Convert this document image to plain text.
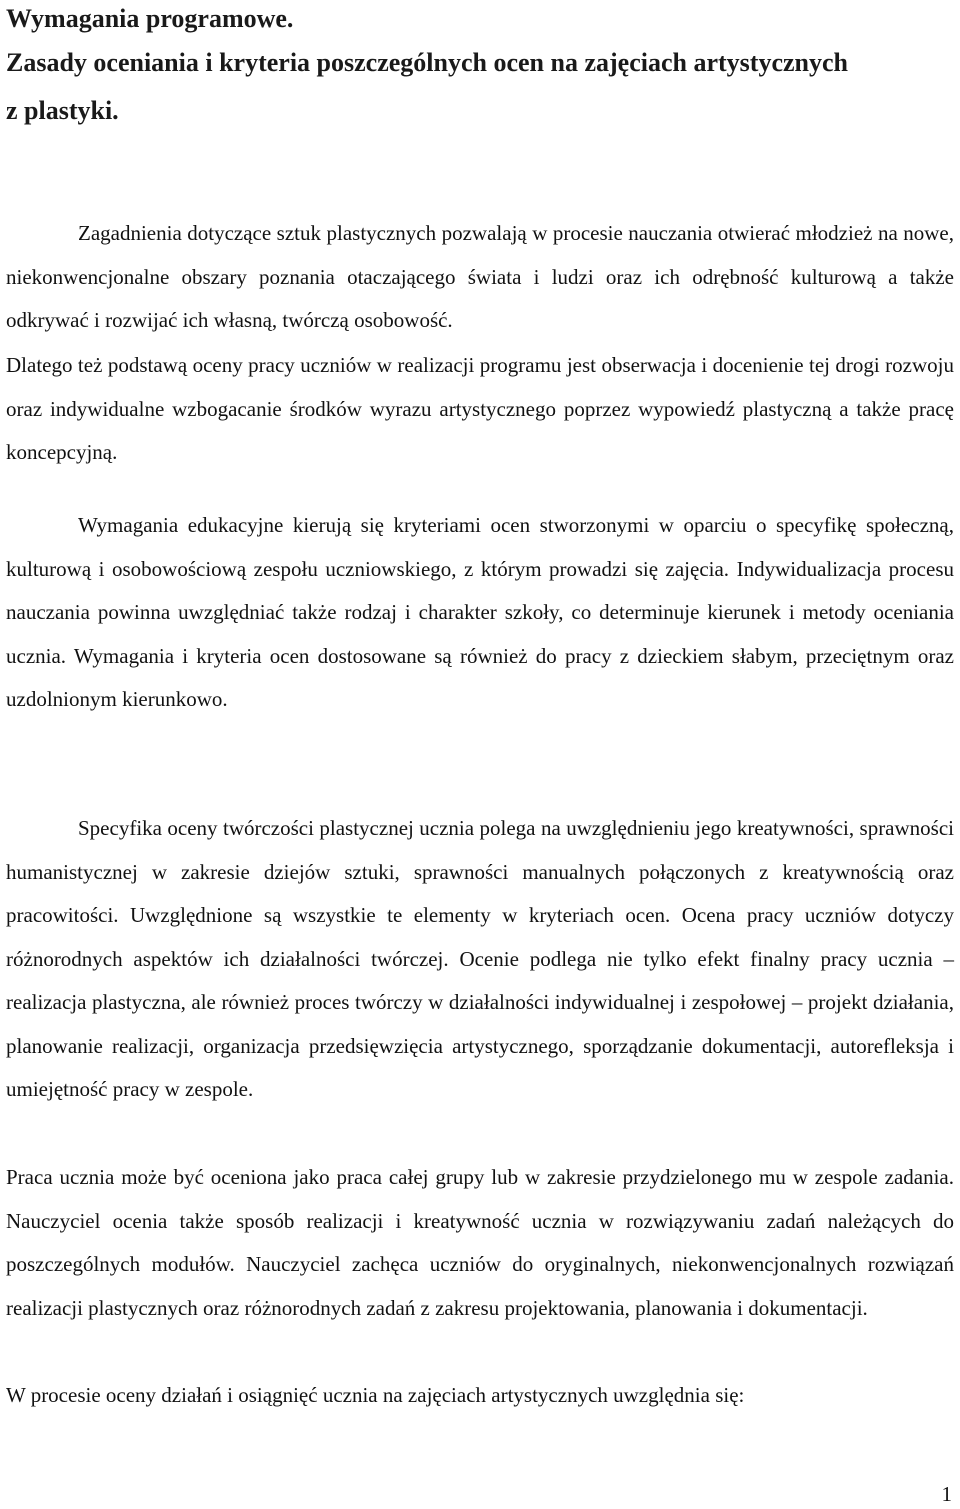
Wymagania programowe.
Zasady oceniania i kryteria poszczególnych ocen na zajęciach artystycznych
z plastyki.

Zagadnienia dotyczące sztuk plastycznych pozwalają w procesie nauczania otwierać młodzież na nowe, niekonwencjonalne obszary poznania otaczającego świata i ludzi oraz ich odrębność kulturową a także odkrywać i rozwijać ich własną, twórczą osobowość.

Dlatego też podstawą oceny pracy uczniów w realizacji programu jest obserwacja i docenienie tej drogi rozwoju oraz indywidualne wzbogacanie środków wyrazu artystycznego poprzez wypowiedź plastyczną a także pracę koncepcyjną.

Wymagania edukacyjne kierują się kryteriami ocen stworzonymi w oparciu o specyfikę społeczną, kulturową i osobowościową zespołu uczniowskiego, z którym prowadzi się zajęcia. Indywidualizacja procesu nauczania powinna uwzględniać także rodzaj i charakter szkoły, co determinuje kierunek i metody oceniania ucznia. Wymagania i kryteria ocen dostosowane są również do pracy z dzieckiem słabym, przeciętnym oraz uzdolnionym kierunkowo.

Specyfika oceny twórczości plastycznej ucznia polega na uwzględnieniu jego kreatywności, sprawności humanistycznej w zakresie dziejów sztuki, sprawności manualnych połączonych z kreatywnością oraz pracowitości. Uwzględnione są wszystkie te elementy w kryteriach ocen. Ocena pracy uczniów dotyczy różnorodnych aspektów ich działalności twórczej. Ocenie podlega nie tylko efekt finalny pracy ucznia – realizacja plastyczna, ale również proces twórczy w działalności indywidualnej i zespołowej – projekt działania, planowanie realizacji, organizacja przedsięwzięcia artystycznego, sporządzanie dokumentacji, autorefleksja i umiejętność pracy w zespole.

Praca ucznia może być oceniona jako praca całej grupy lub w zakresie przydzielonego mu w zespole zadania. Nauczyciel ocenia także sposób realizacji i kreatywność ucznia w rozwiązywaniu zadań należących do poszczególnych modułów. Nauczyciel zachęca uczniów do oryginalnych, niekonwencjonalnych rozwiązań realizacji plastycznych oraz różnorodnych zadań z zakresu projektowania, planowania i dokumentacji.

W procesie oceny działań i osiągnięć ucznia na zajęciach artystycznych uwzględnia się:

1
